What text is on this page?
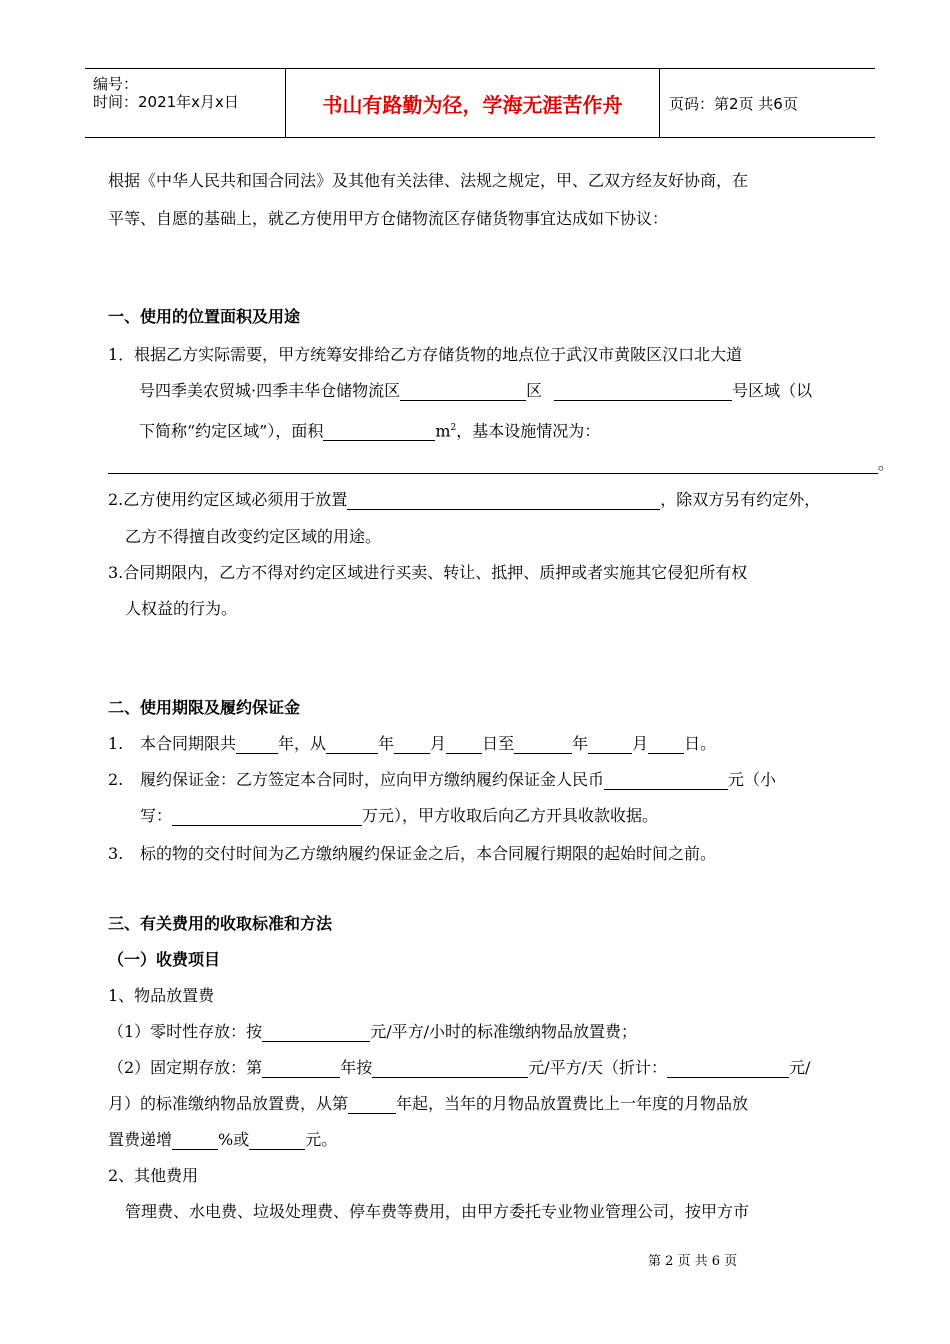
编号：
时间：2021年x月x日	书山有路勤为径，学海无涯苦作舟	页码：第2页 共6页
根据《中华人民共和国合同法》及其他有关法律、法规之规定，甲、乙双方经友好协商，在
平等、自愿的基础上，就乙方使用甲方仓储物流区存储货物事宜达成如下协议：
一、使用的位置面积及用途
1．根据乙方实际需要，甲方统筹安排给乙方存储货物的地点位于武汉市黄陂区汉口北大道
号四季美农贸城·四季丰华仓储物流区	区	号区域（以
下简称“约定区域”），面积	$m^2$，基本设施情况为：
。
2.乙方使用约定区域必须用于放置	，除双方另有约定外，
乙方不得擅自改变约定区域的用途。
3.合同期限内，乙方不得对约定区域进行买卖、转让、抵押、质押或者实施其它侵犯所有权
人权益的行为。
二、使用期限及履约保证金
1. 本合同期限共	年，从	年 月 日至	年	月 日。
2. 履约保证金：乙方签定本合同时，应向甲方缴纳履约保证金人民币	元（小
写：	万元），甲方收取后向乙方开具收款收据。
3. 标的物的交付时间为乙方缴纳履约保证金之后，本合同履行期限的起始时间之前。
三、有关费用的收取标准和方法
（一）收费项目
1、物品放置费
（1）零时性存放：按	元/平方/小时的标准缴纳物品放置费；
（2）固定期存放：第	年按	元/平方/天（折计：	元/
月）的标准缴纳物品放置费，从第	年起，当年的月物品放置费比上一年度的月物品放
置费递增	%或	元。
2、其他费用
管理费、水电费、垃圾处理费、停车费等费用，由甲方委托专业物业管理公司，按甲方市
第 2 页 共 6 页
